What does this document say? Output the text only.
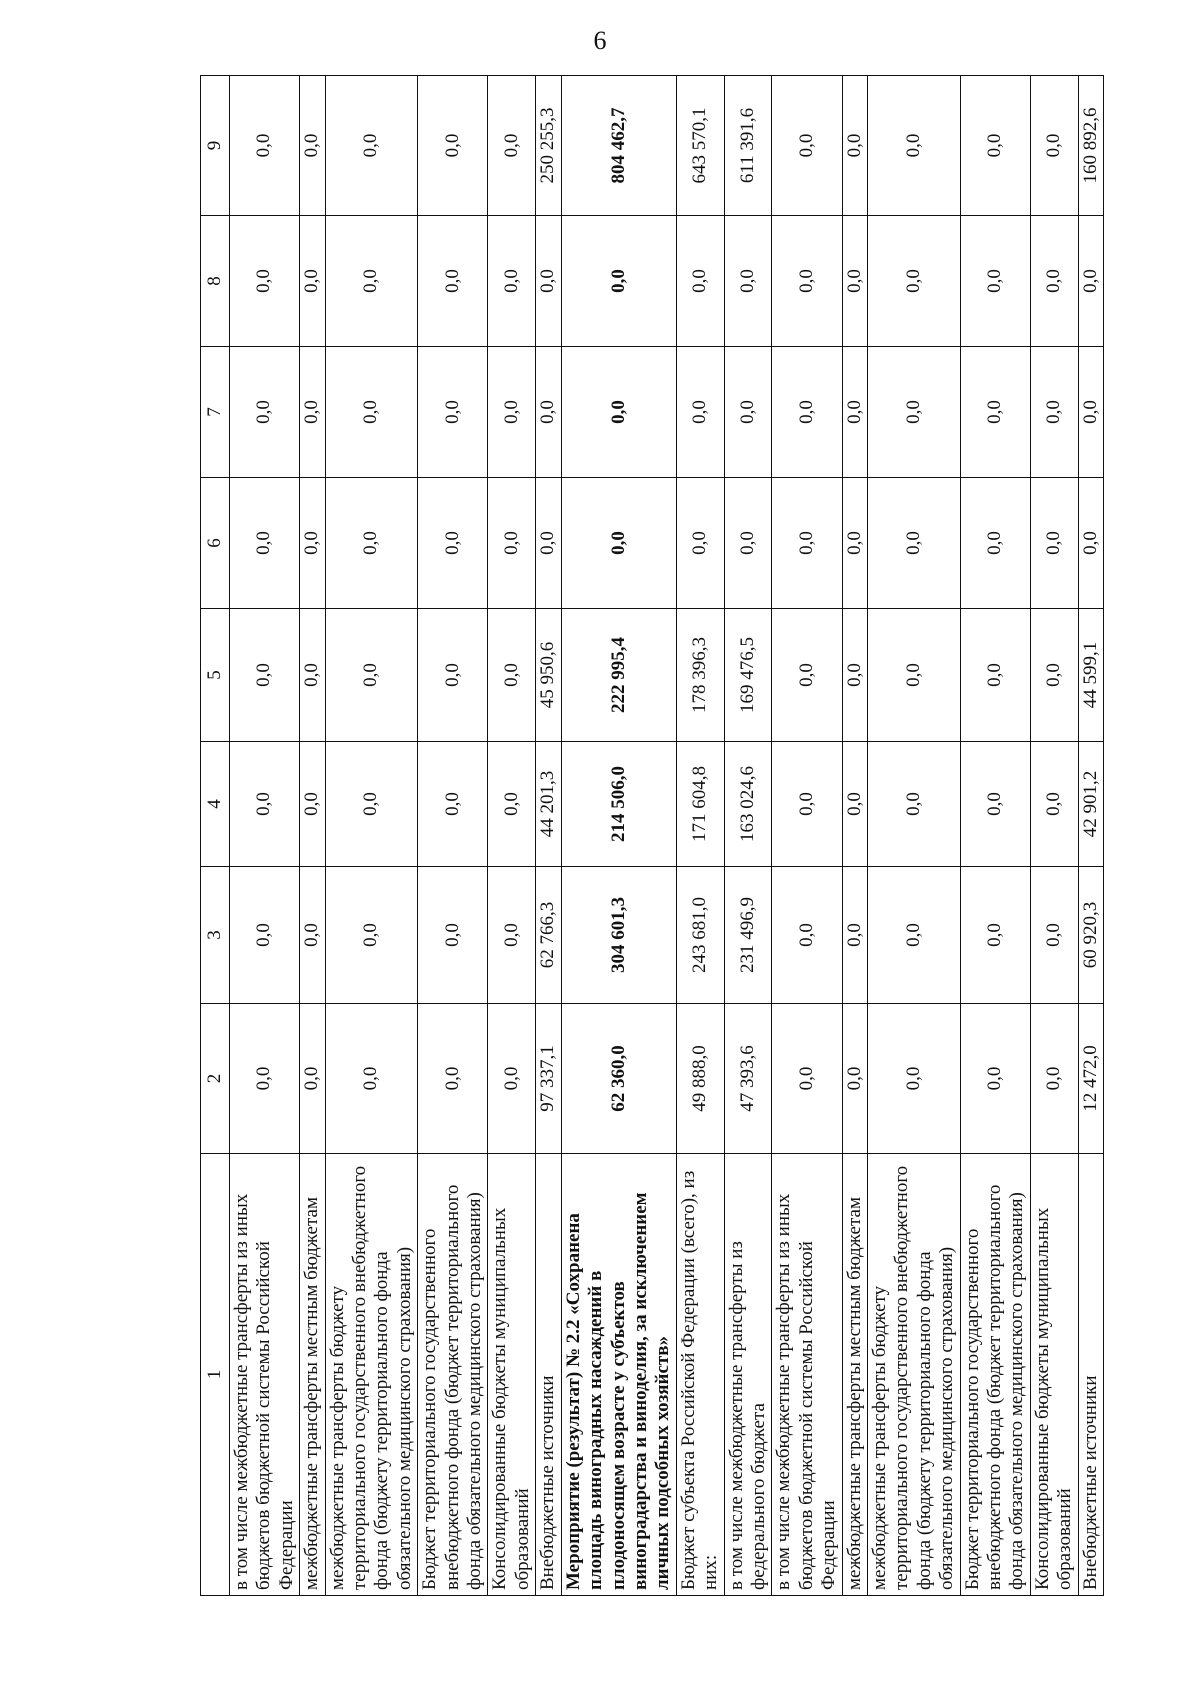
6
1	2	3	4	5	6	7	8	9
в том числе межбюджетные трансферты из иных бюджетов бюджетной системы Российской Федерации	0,0	0,0	0,0	0,0	0,0	0,0	0,0	0,0
межбюджетные трансферты местным бюджетам	0,0	0,0	0,0	0,0	0,0	0,0	0,0	0,0
межбюджетные трансферты бюджету территориального государственного внебюджетного фонда (бюджету территориального фонда обязательного медицинского страхования)	0,0	0,0	0,0	0,0	0,0	0,0	0,0	0,0
Бюджет территориального государственного внебюджетного фонда (бюджет территориального фонда обязательного медицинского страхования)	0,0	0,0	0,0	0,0	0,0	0,0	0,0	0,0
Консолидированные бюджеты муниципальных образований	0,0	0,0	0,0	0,0	0,0	0,0	0,0	0,0
Внебюджетные источники	97 337,1	62 766,3	44 201,3	45 950,6	0,0	0,0	0,0	250 255,3
Мероприятие (результат) № 2.2 «Сохранена площадь виноградных насаждений в плодоносящем возрасте у субъектов виноградарства и виноделия, за исключением личных подсобных хозяйств»	62 360,0	304 601,3	214 506,0	222 995,4	0,0	0,0	0,0	804 462,7
Бюджет субъекта Российской Федерации (всего), из них:	49 888,0	243 681,0	171 604,8	178 396,3	0,0	0,0	0,0	643 570,1
в том числе межбюджетные трансферты из федерального бюджета	47 393,6	231 496,9	163 024,6	169 476,5	0,0	0,0	0,0	611 391,6
в том числе межбюджетные трансферты из иных бюджетов бюджетной системы Российской Федерации	0,0	0,0	0,0	0,0	0,0	0,0	0,0	0,0
межбюджетные трансферты местным бюджетам	0,0	0,0	0,0	0,0	0,0	0,0	0,0	0,0
межбюджетные трансферты бюджету территориального государственного внебюджетного фонда (бюджету территориального фонда обязательного медицинского страхования)	0,0	0,0	0,0	0,0	0,0	0,0	0,0	0,0
Бюджет территориального государственного внебюджетного фонда (бюджет территориального фонда обязательного медицинского страхования)	0,0	0,0	0,0	0,0	0,0	0,0	0,0	0,0
Консолидированные бюджеты муниципальных образований	0,0	0,0	0,0	0,0	0,0	0,0	0,0	0,0
Внебюджетные источники	12 472,0	60 920,3	42 901,2	44 599,1	0,0	0,0	0,0	160 892,6
